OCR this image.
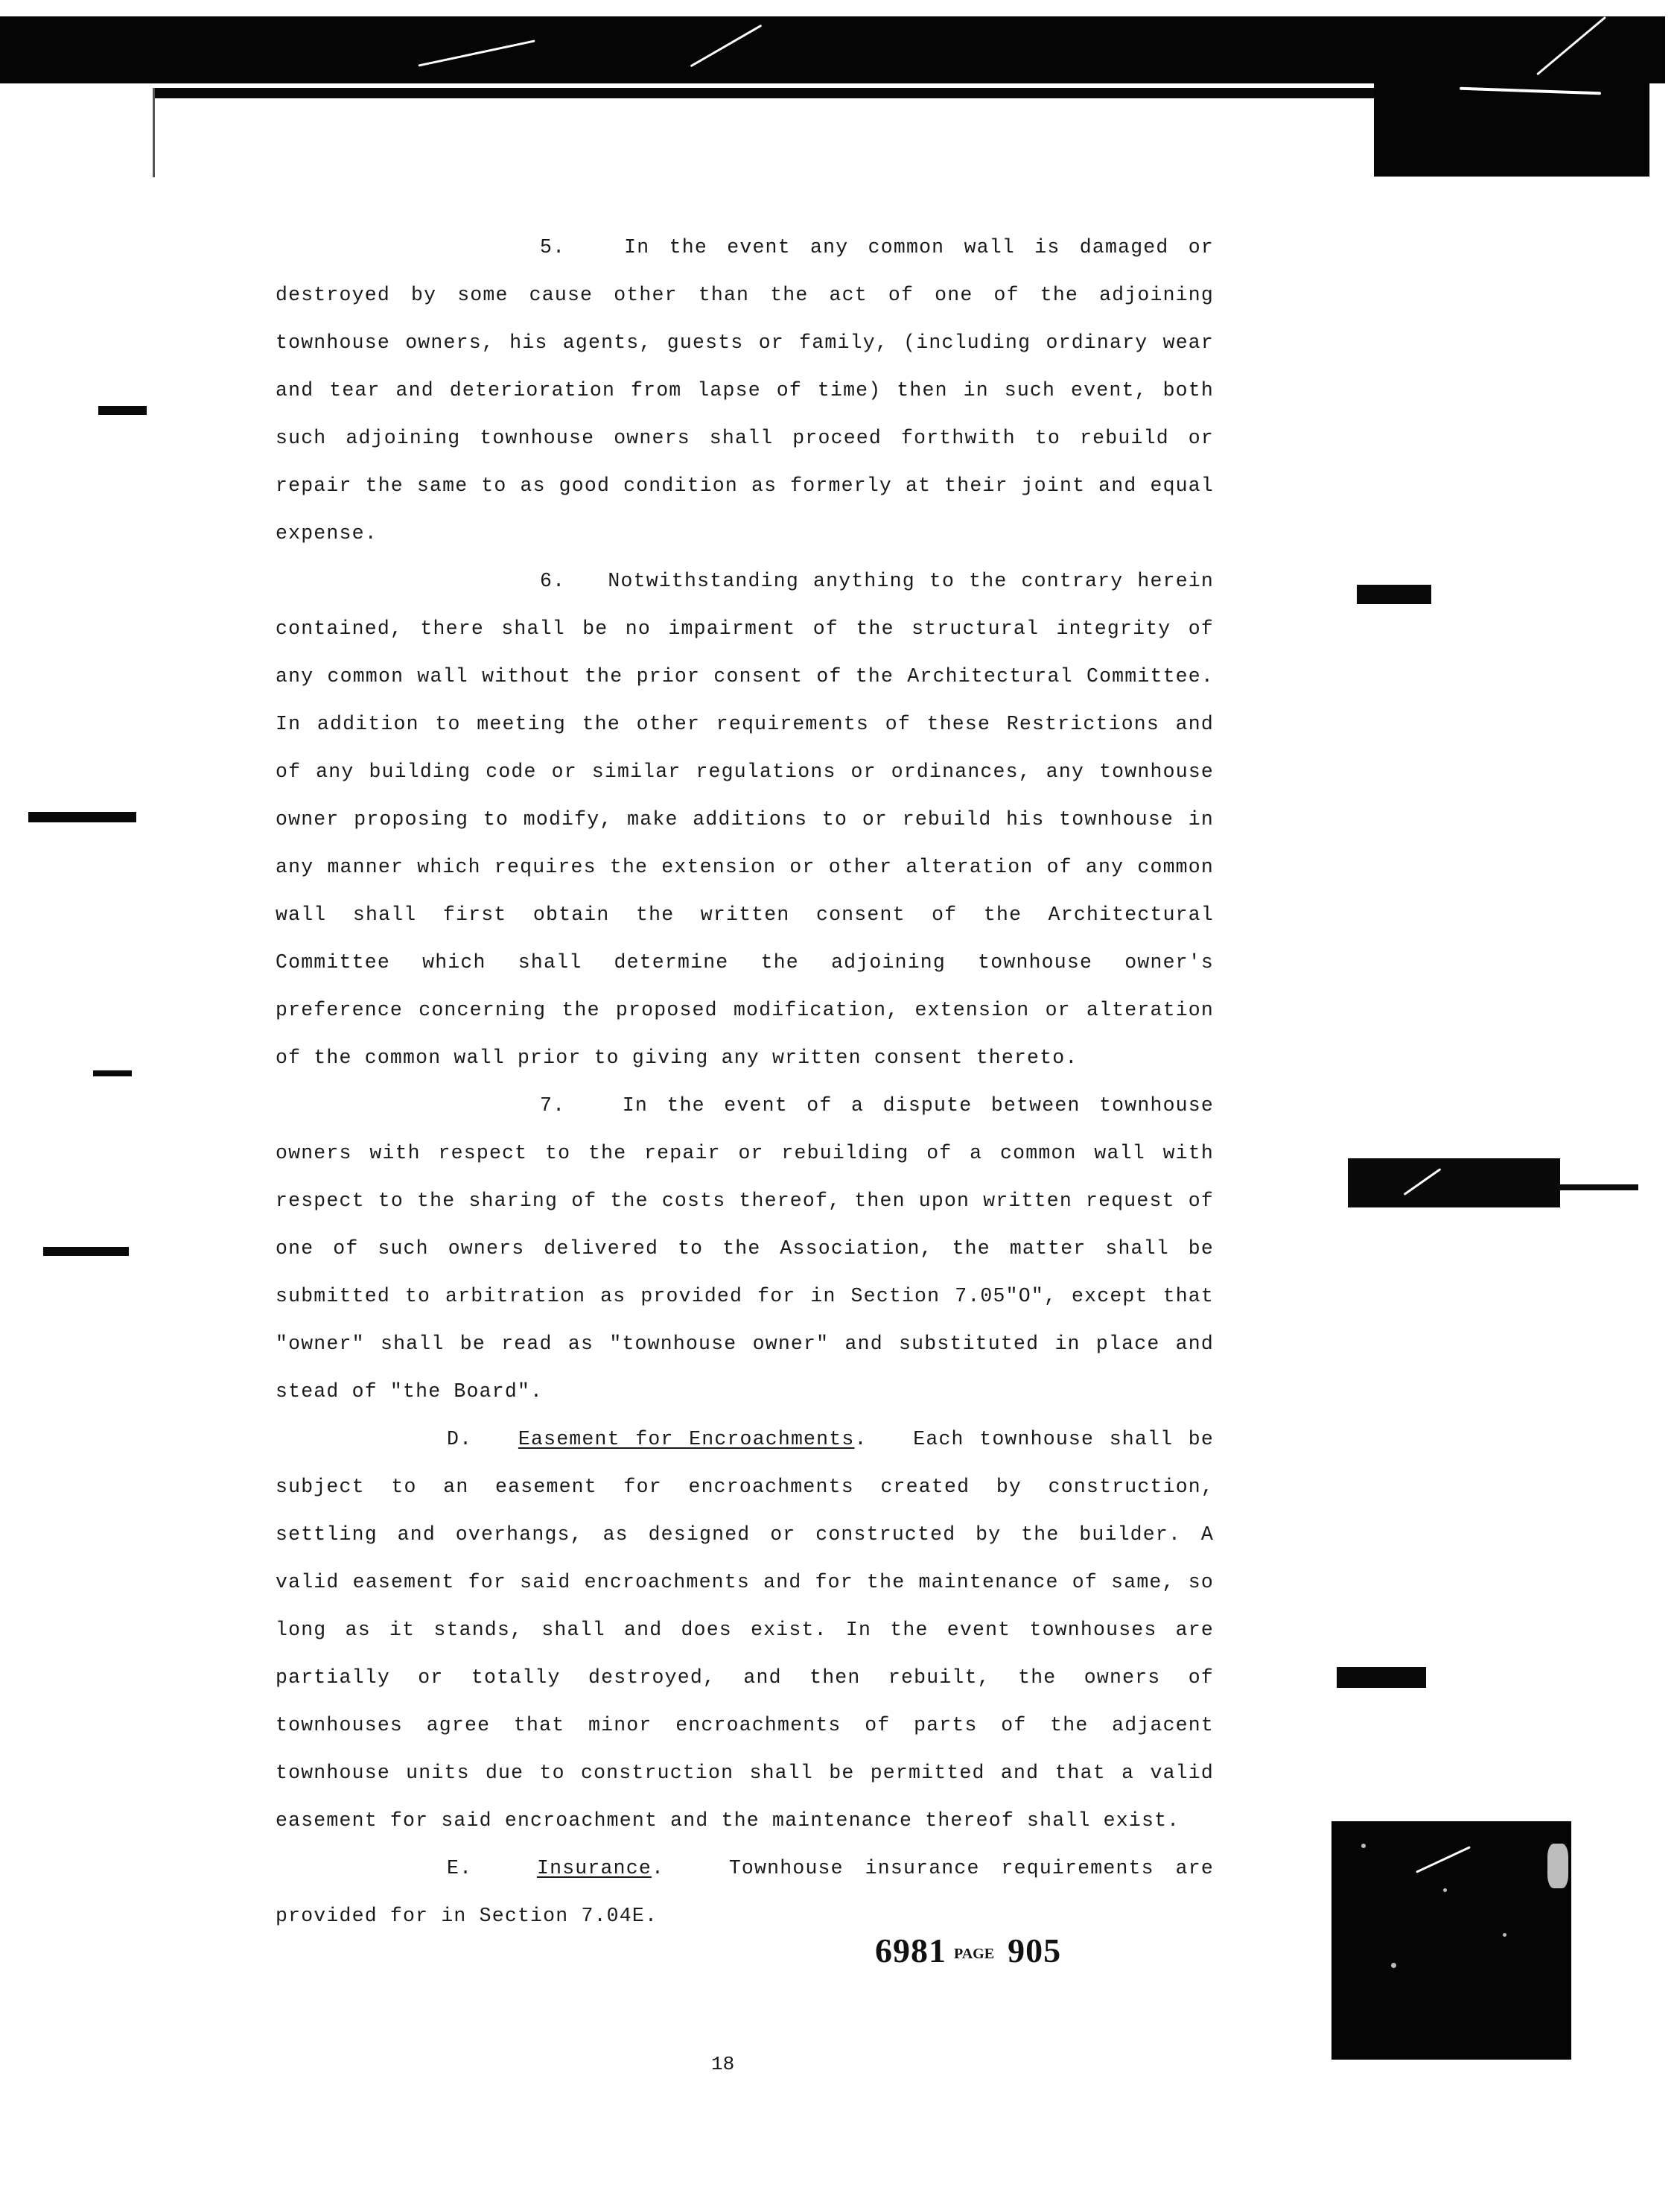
5.	In the event any common wall is damaged or destroyed by some cause other than the act of one of the adjoining townhouse owners, his agents, guests or family, (including ordinary wear and tear and deterioration from lapse of time) then in such event, both such adjoining townhouse owners shall proceed forthwith to rebuild or repair the same to as good condition as formerly at their joint and equal expense.

6. Notwithstanding anything to the contrary herein contained, there shall be no impairment of the structural integrity of any common wall without the prior consent of the Architectural Committee. In addition to meeting the other requirements of these Restrictions and of any building code or similar regulations or ordinances, any townhouse owner proposing to modify, make additions to or rebuild his townhouse in any manner which requires the extension or other alteration of any common wall shall first obtain the written consent of the Architectural Committee which shall determine the adjoining townhouse owner's preference concerning the proposed modification, extension or alteration of the common wall prior to giving any written consent thereto.

7.	In the event of a dispute between townhouse owners with respect to the repair or rebuilding of a common wall with respect to the sharing of the costs thereof, then upon written request of one of such owners delivered to the Association, the matter shall be submitted to arbitration as provided for in Section 7.05"O", except that "owner" shall be read as "townhouse owner" and substituted in place and stead of "the Board".

D. Easement for Encroachments.   Each townhouse shall be subject to an easement for encroachments created by construction, settling and overhangs, as designed or constructed by the builder. A valid easement for said encroachments and for the maintenance of same, so long as it stands, shall and does exist. In the event townhouses are partially or totally destroyed, and then rebuilt, the owners of townhouses agree that minor encroachments of parts of the adjacent townhouse units due to construction shall be permitted and that a valid easement for said encroachment and the maintenance thereof shall exist.

E.	Insurance.   Townhouse insurance requirements are provided for in Section 7.04E.

6981 PAGE 905
18
